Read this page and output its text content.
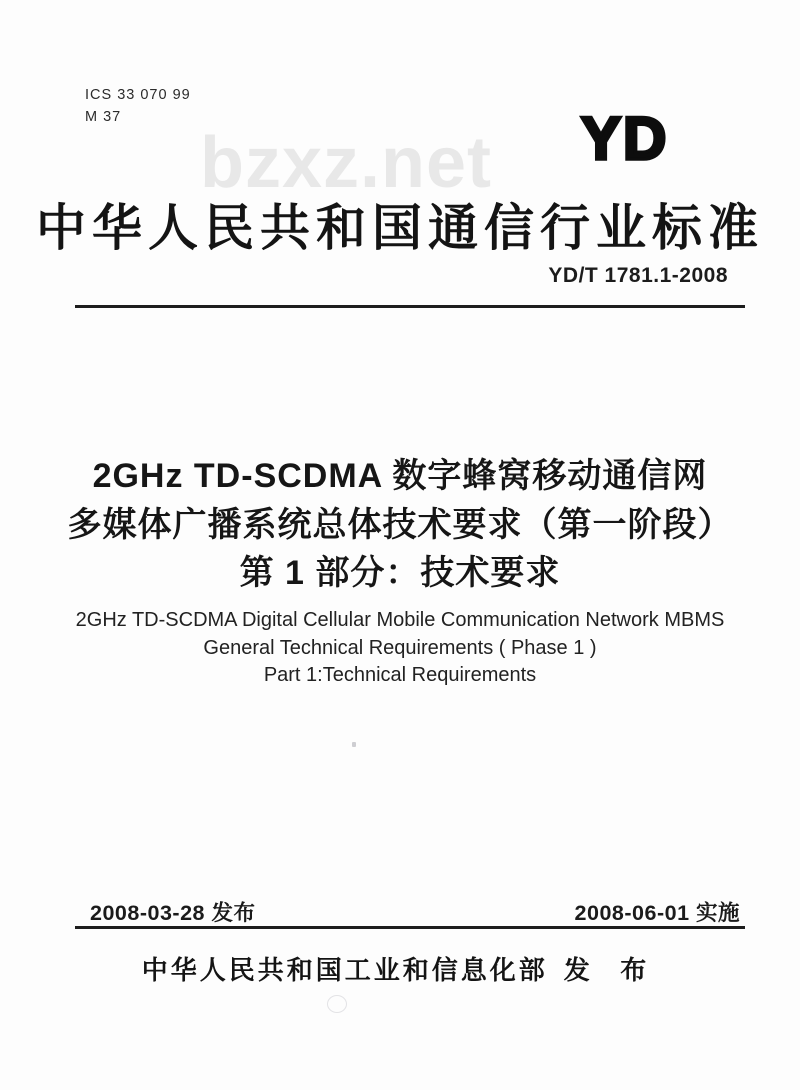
ICS 33 070 99
M 37
bzxz.net YD
中华人民共和国通信行业标准
YD/T 1781.1-2008
2GHz TD-SCDMA 数字蜂窝移动通信网
多媒体广播系统总体技术要求（第一阶段）
第 1 部分：技术要求
2GHz TD-SCDMA Digital Cellular Mobile Communication Network MBMS
General Technical Requirements ( Phase 1 )
Part 1:Technical Requirements
2008-03-28 发布	2008-06-01 实施
中华人民共和国工业和信息化部 发 布
